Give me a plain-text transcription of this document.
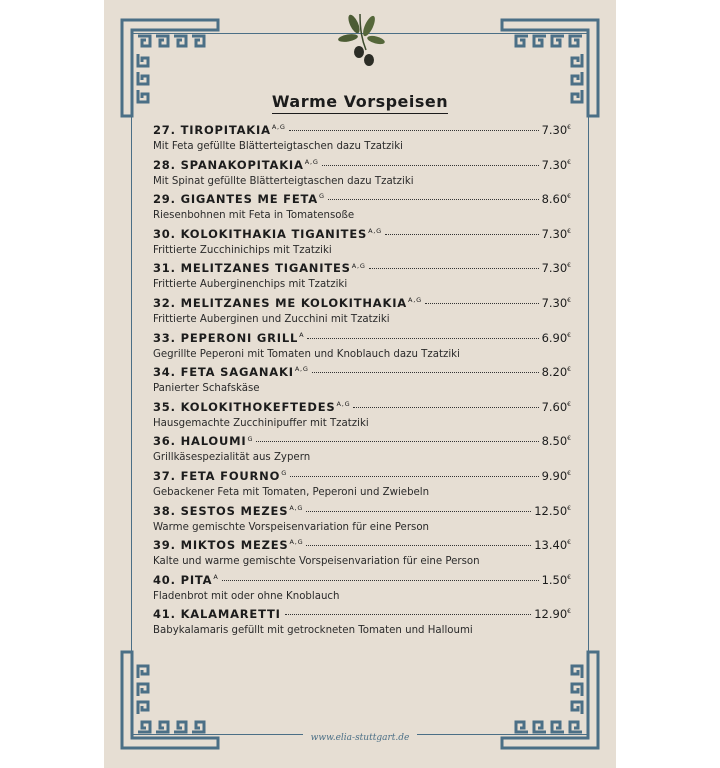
Warme Vorspeisen
27. $TIROPITAKIA^{A,G}$	7.30€
Mit Feta gefüllte Blätterteigtaschen dazu Tzatziki
28. $SPANAKOPITAKIA^{A,G}$	7.30€
Mit Spinat gefüllte Blätterteigtaschen dazu Tzatziki
29. GIGANTES ME $FETA^G$	8.60€
Riesenbohnen mit Feta in Tomatensoße
30. KOLOKITHAKIA $TIGANITES^{A,G}$	7.30€
Frittierte Zucchinichips mit Tzatziki
31. MELITZANES $TIGANITES^{A,G}$	7.30€
Frittierte Auberginenchips mit Tzatziki
32. MELITZANES ME $KOLOKITHAKIA^{A,G}$	7.30€
Frittierte Auberginen und Zucchini mit Tzatziki
33. PEPERONI $GRILL^A$	6.90€
Gegrillte Peperoni mit Tomaten und Knoblauch dazu Tzatziki
34. FETA $SAGANAKI^{A,G}$	8.20€
Panierter Schafskäse
35. $KOLOKITHOKEFTEDES^{A,G}$	7.60€
Hausgemachte Zucchinipuffer mit Tzatziki
36. $HALOUMI^G$	8.50€
Grillkäsespezialität aus Zypern
37. FETA $FOURNO^G$	9.90€
Gebackener Feta mit Tomaten, Peperoni und Zwiebeln
38. SESTOS $MEZES^{A,G}$	12.50€
Warme gemischte Vorspeisenvariation für eine Person
39. MIKTOS $MEZES^{A,G}$	13.40€
Kalte und warme gemischte Vorspeisenvariation für eine Person
40. $PITA^A$	1.50€
Fladenbrot mit oder ohne Knoblauch
41. KALAMARETTI	12.90€
Babykalamaris gefüllt mit getrockneten Tomaten und Halloumi
www.elia-stuttgart.de
